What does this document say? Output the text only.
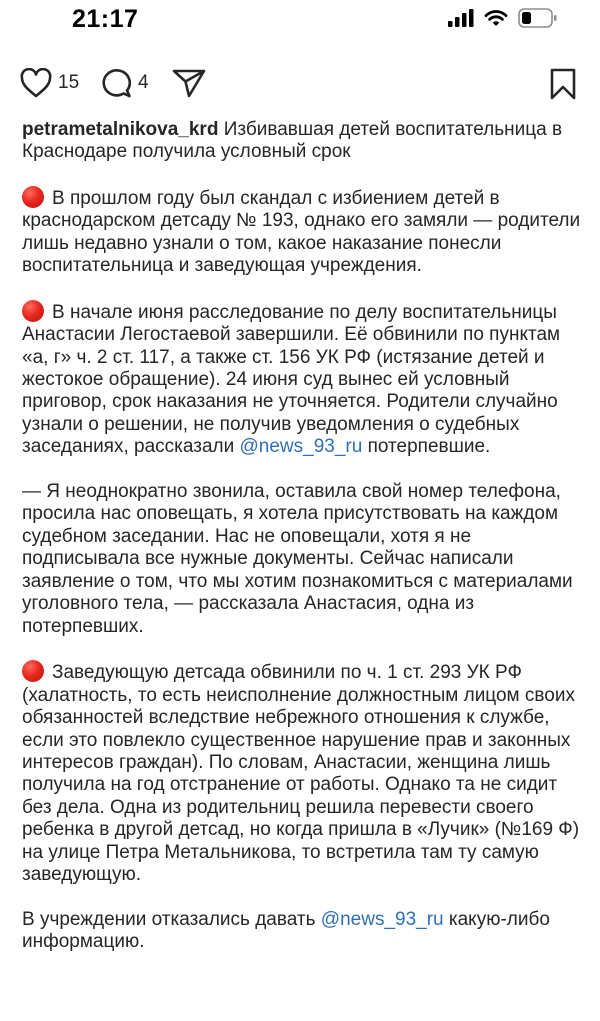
21:17
15	4
petrametalnikova_krd Избивавшая детей воспитательница в Краснодаре получила условный срок
В прошлом году был скандал с избиением детей в краснодарском детсаду № 193, однако его замяли — родители лишь недавно узнали о том, какое наказание понесли воспитательница и заведующая учреждения.
В начале июня расследование по делу воспитательницы Анастасии Легостаевой завершили. Её обвинили по пунктам «а, г» ч. 2 ст. 117, а также ст. 156 УК РФ (истязание детей и жестокое обращение). 24 июня суд вынес ей условный приговор, срок наказания не уточняется. Родители случайно узнали о решении, не получив уведомления о судебных заседаниях, рассказали @news_93_ru потерпевшие.
— Я неоднократно звонила, оставила свой номер телефона, просила нас оповещать, я хотела присутствовать на каждом судебном заседании. Нас не оповещали, хотя я не подписывала все нужные документы. Сейчас написали заявление о том, что мы хотим познакомиться с материалами уголовного тела, — рассказала Анастасия, одна из потерпевших.
Заведующую детсада обвинили по ч. 1 ст. 293 УК РФ (халатность, то есть неисполнение должностным лицом своих обязанностей вследствие небрежного отношения к службе, если это повлекло существенное нарушение прав и законных интересов граждан). По словам, Анастасии, женщина лишь получила на год отстранение от работы. Однако та не сидит без дела. Одна из родительниц решила перевести своего ребенка в другой детсад, но когда пришла в «Лучик» (№169 Ф) на улице Петра Метальникова, то встретила там ту самую заведующую.
В учреждении отказались давать @news_93_ru какую-либо информацию.
